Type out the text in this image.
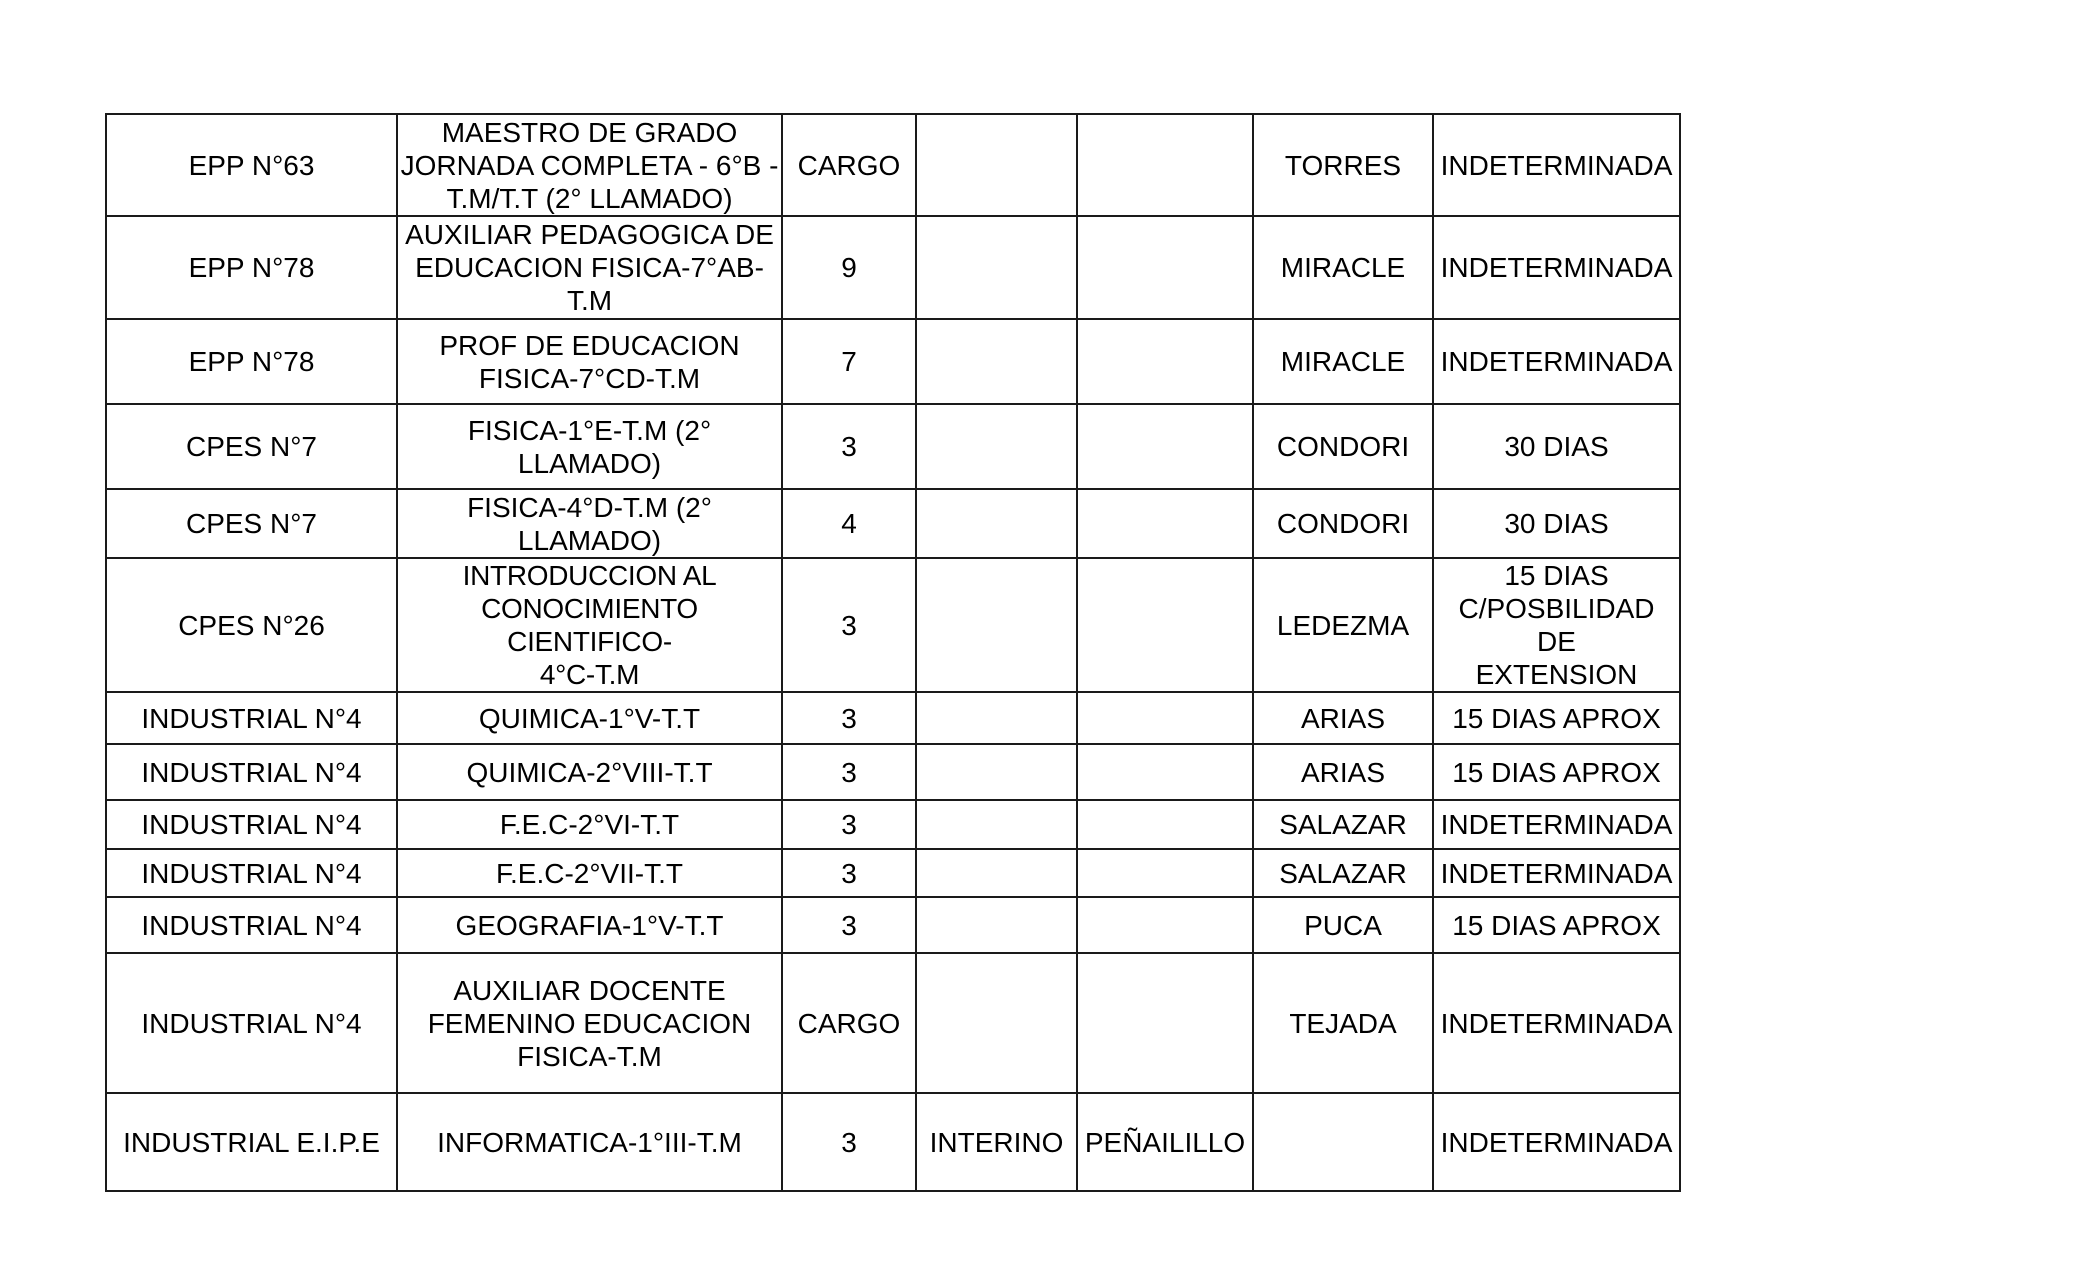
EPP N°63	MAESTRO DE GRADO
JORNADA COMPLETA - 6°B -
T.M/T.T (2° LLAMADO)	CARGO			TORRES	INDETERMINADA
EPP N°78	AUXILIAR PEDAGOGICA DE
EDUCACION FISICA-7°AB-
T.M	9			MIRACLE	INDETERMINADA
EPP N°78	PROF DE EDUCACION
FISICA-7°CD-T.M	7			MIRACLE	INDETERMINADA
CPES N°7	FISICA-1°E-T.M (2°
LLAMADO)	3			CONDORI	30 DIAS
CPES N°7	FISICA-4°D-T.M (2°
LLAMADO)	4			CONDORI	30 DIAS
CPES N°26	INTRODUCCION AL
CONOCIMIENTO CIENTIFICO-
4°C-T.M	3			LEDEZMA	15 DIAS
C/POSBILIDAD DE
EXTENSION
INDUSTRIAL N°4	QUIMICA-1°V-T.T	3			ARIAS	15 DIAS APROX
INDUSTRIAL N°4	QUIMICA-2°VIII-T.T	3			ARIAS	15 DIAS APROX
INDUSTRIAL N°4	F.E.C-2°VI-T.T	3			SALAZAR	INDETERMINADA
INDUSTRIAL N°4	F.E.C-2°VII-T.T	3			SALAZAR	INDETERMINADA
INDUSTRIAL N°4	GEOGRAFIA-1°V-T.T	3			PUCA	15 DIAS APROX
INDUSTRIAL N°4	AUXILIAR DOCENTE
FEMENINO EDUCACION
FISICA-T.M	CARGO			TEJADA	INDETERMINADA
INDUSTRIAL E.I.P.E	INFORMATICA-1°III-T.M	3	INTERINO	PEÑAILILLO		INDETERMINADA
